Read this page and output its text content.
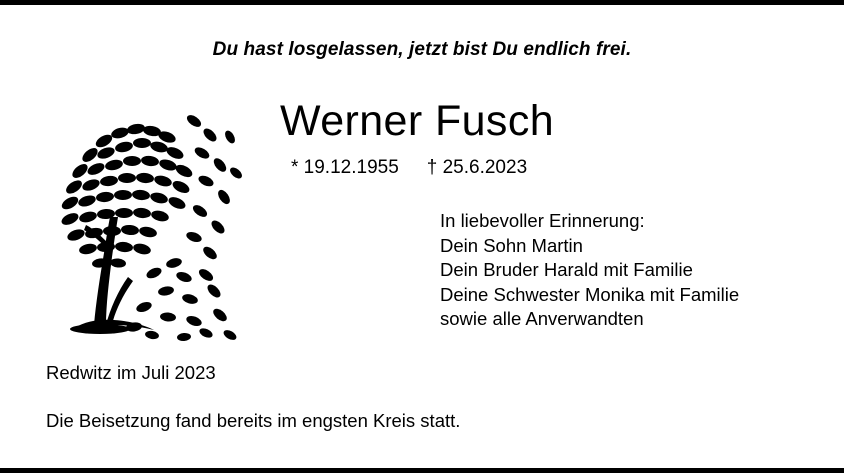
Du hast losgelassen, jetzt bist Du endlich frei.
Werner Fusch
* 19.12.1955 † 25.6.2023
In liebevoller Erinnerung:
Dein Sohn Martin
Dein Bruder Harald mit Familie
Deine Schwester Monika mit Familie
sowie alle Anverwandten
Redwitz im Juli 2023
Die Beisetzung fand bereits im engsten Kreis statt.
